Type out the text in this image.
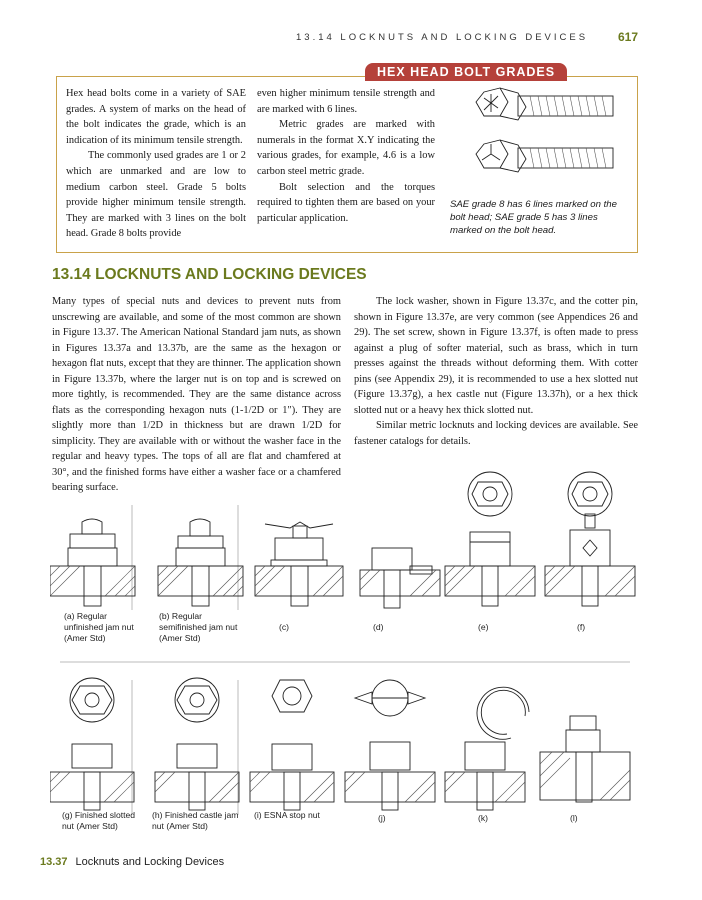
13.14 LOCKNUTS AND LOCKING DEVICES 617
HEX HEAD BOLT GRADES

Hex head bolts come in a variety of SAE grades. A system of marks on the head of the bolt indicates the grade, which is an indication of its minimum tensile strength.

The commonly used grades are 1 or 2 which are unmarked and are low to medium carbon steel. Grade 5 bolts provide higher minimum tensile strength. They are marked with 3 lines on the bolt head. Grade 8 bolts provide

even higher minimum tensile strength and are marked with 6 lines.

Metric grades are marked with numerals in the format X.Y indicating the various grades, for example, 4.6 is a low carbon steel metric grade.

Bolt selection and the torques required to tighten them are based on your particular application.

SAE grade 8 has 6 lines marked on the bolt head; SAE grade 5 has 3 lines marked on the bolt head.
13.14 LOCKNUTS AND LOCKING DEVICES

Many types of special nuts and devices to prevent nuts from unscrewing are available, and some of the most common are shown in Figure 13.37. The American National Standard jam nuts, as shown in Figures 13.37a and 13.37b, are the same as the hexagon or hexagon flat nuts, except that they are thinner. The application shown in Figure 13.37b, where the larger nut is on top and is screwed on more tightly, is recommended. They are the same distance across flats as the corresponding hexagon nuts (1-1/2D or 1″). They are slightly more than 1/2D in thickness but are drawn 1/2D for simplicity. They are available with or without the washer face in the regular and heavy types. The tops of all are flat and chamfered at 30°, and the finished forms have either a washer face or a chamfered bearing surface.

The lock washer, shown in Figure 13.37c, and the cotter pin, shown in Figure 13.37e, are very common (see Appendices 26 and 29). The set screw, shown in Figure 13.37f, is often made to press against a plug of softer material, such as brass, which in turn presses against the threads without deforming them. With cotter pins (see Appendix 29), it is recommended to use a hex slotted nut (Figure 13.37g), a hex castle nut (Figure 13.37h), or a hex thick slotted nut or a heavy hex thick slotted nut.

Similar metric locknuts and locking devices are available. See fastener catalogs for details.

(a) Regular unfinished jam nut (Amer Std)
(b) Regular semifinished jam nut (Amer Std)
(c)	(d)	(e)	(f)
(g) Finished slotted nut (Amer Std)
(h) Finished castle jam nut (Amer Std)
(i) ESNA stop nut	(j)	(k)	(l)
13.37 Locknuts and Locking Devices
